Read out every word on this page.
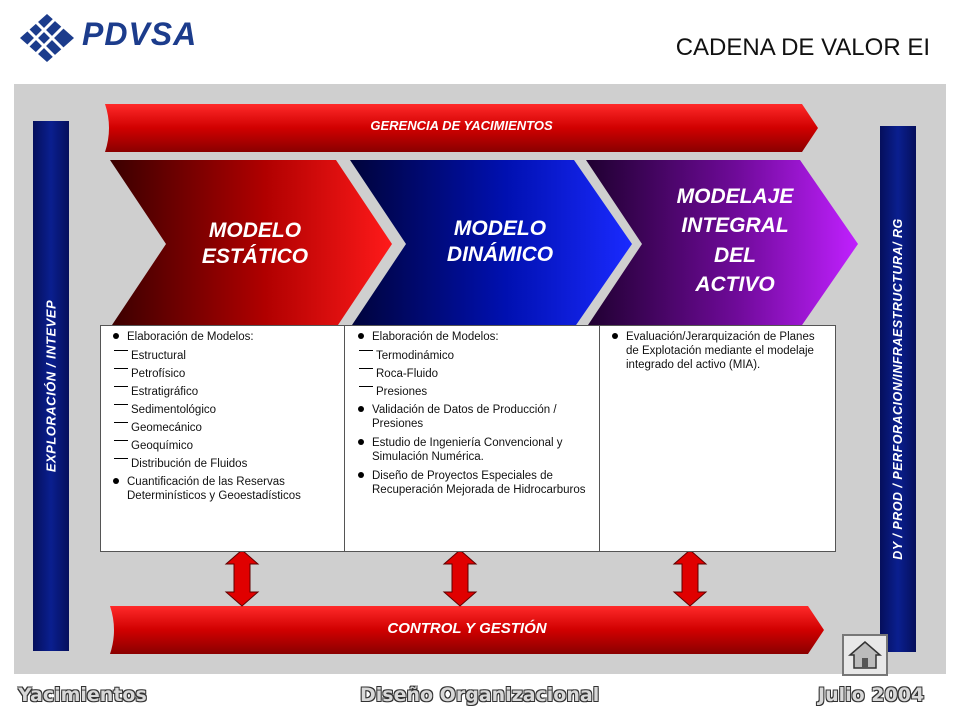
PDVSA	CADENA DE VALOR EI
GERENCIA DE YACIMIENTOS
CONTROL Y GESTIÓN
EXPLORACIÓN / INTEVEP	DY / PROD / PERFORACION/INFRAESTRUCTURA/ RG
MODELO
ESTÁTICO
MODELO
DINÁMICO
MODELAJE
INTEGRAL
DEL
ACTIVO
Elaboración de Modelos:
Estructural
Petrofísico
Estratigráfico
Sedimentológico
Geomecánico
Geoquímico
Distribución de Fluidos
Cuantificación de las Reservas Determinísticos y Geoestadísticos
Elaboración de Modelos:
Termodinámico
Roca-Fluido
Presiones
Validación de Datos de Producción / Presiones
Estudio de Ingeniería Convencional y Simulación Numérica.
Diseño de Proyectos Especiales de Recuperación Mejorada de Hidrocarburos
Evaluación/Jerarquización de Planes de Explotación mediante el modelaje integrado del activo (MIA).
Yacimientos	Diseño Organizacional	Julio 2004
